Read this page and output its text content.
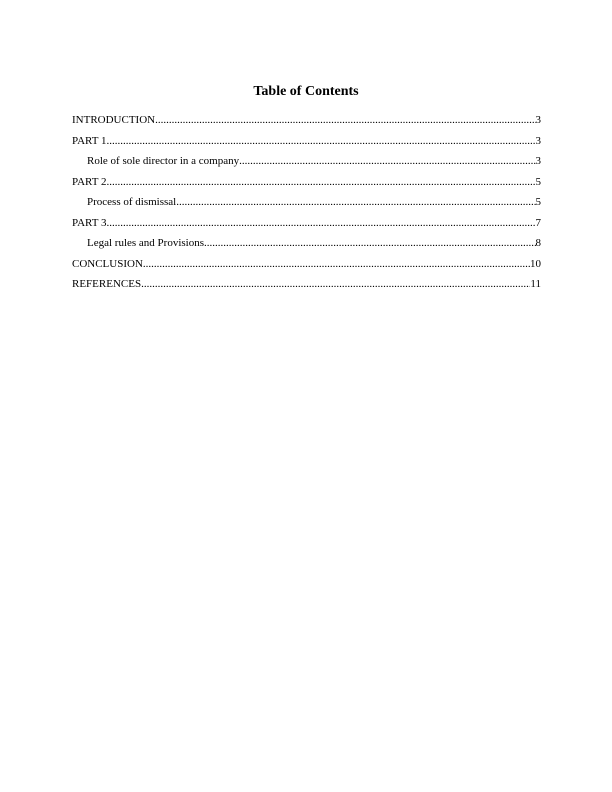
Table of Contents
INTRODUCTION .....	3
PART 1 .....	3
Role of sole director in a company .....	3
PART 2 .....	5
Process of dismissal .....	5
PART 3 .....	7
Legal rules and Provisions .....	8
CONCLUSION .....	10
REFERENCES .....	11
